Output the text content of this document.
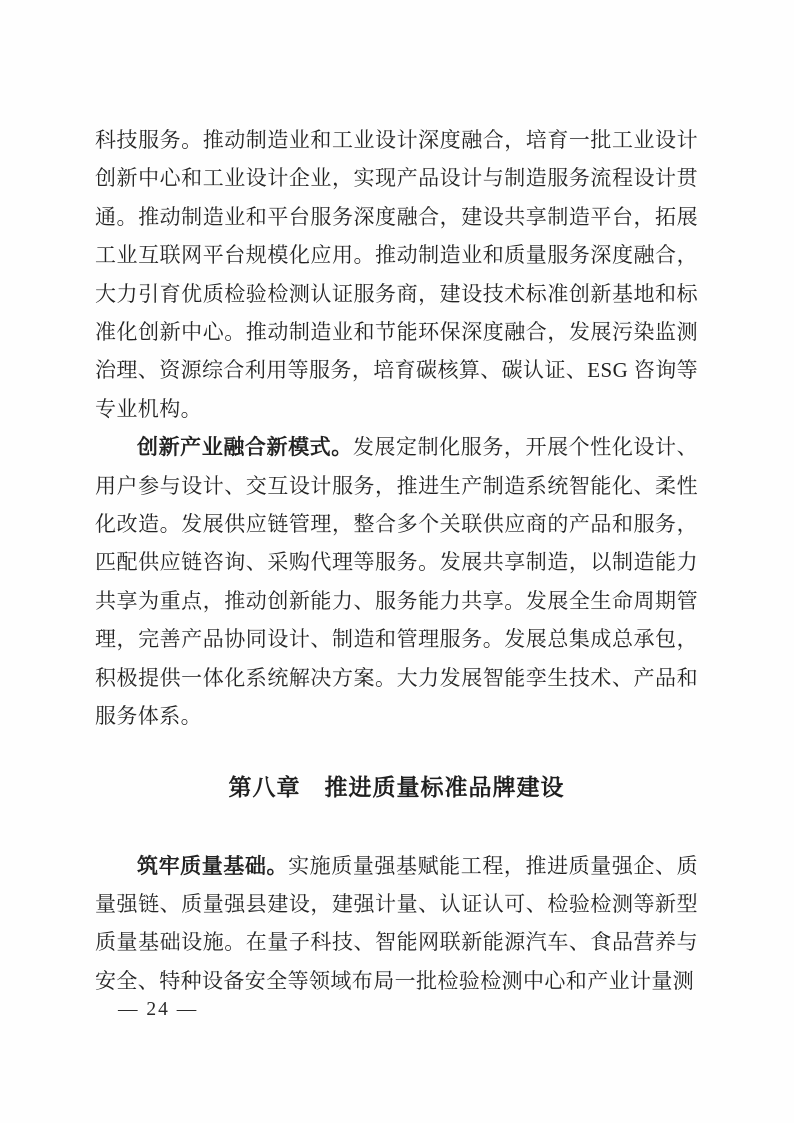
科技服务。推动制造业和工业设计深度融合，培育一批工业设计创新中心和工业设计企业，实现产品设计与制造服务流程设计贯通。推动制造业和平台服务深度融合，建设共享制造平台，拓展工业互联网平台规模化应用。推动制造业和质量服务深度融合，大力引育优质检验检测认证服务商，建设技术标准创新基地和标准化创新中心。推动制造业和节能环保深度融合，发展污染监测治理、资源综合利用等服务，培育碳核算、碳认证、ESG 咨询等专业机构。

创新产业融合新模式。发展定制化服务，开展个性化设计、用户参与设计、交互设计服务，推进生产制造系统智能化、柔性化改造。发展供应链管理，整合多个关联供应商的产品和服务，匹配供应链咨询、采购代理等服务。发展共享制造，以制造能力共享为重点，推动创新能力、服务能力共享。发展全生命周期管理，完善产品协同设计、制造和管理服务。发展总集成总承包，积极提供一体化系统解决方案。大力发展智能孪生技术、产品和服务体系。

第八章　推进质量标准品牌建设

筑牢质量基础。实施质量强基赋能工程，推进质量强企、质量强链、质量强县建设，建强计量、认证认可、检验检测等新型质量基础设施。在量子科技、智能网联新能源汽车、食品营养与安全、特种设备安全等领域布局一批检验检测中心和产业计量测

— 24 —
